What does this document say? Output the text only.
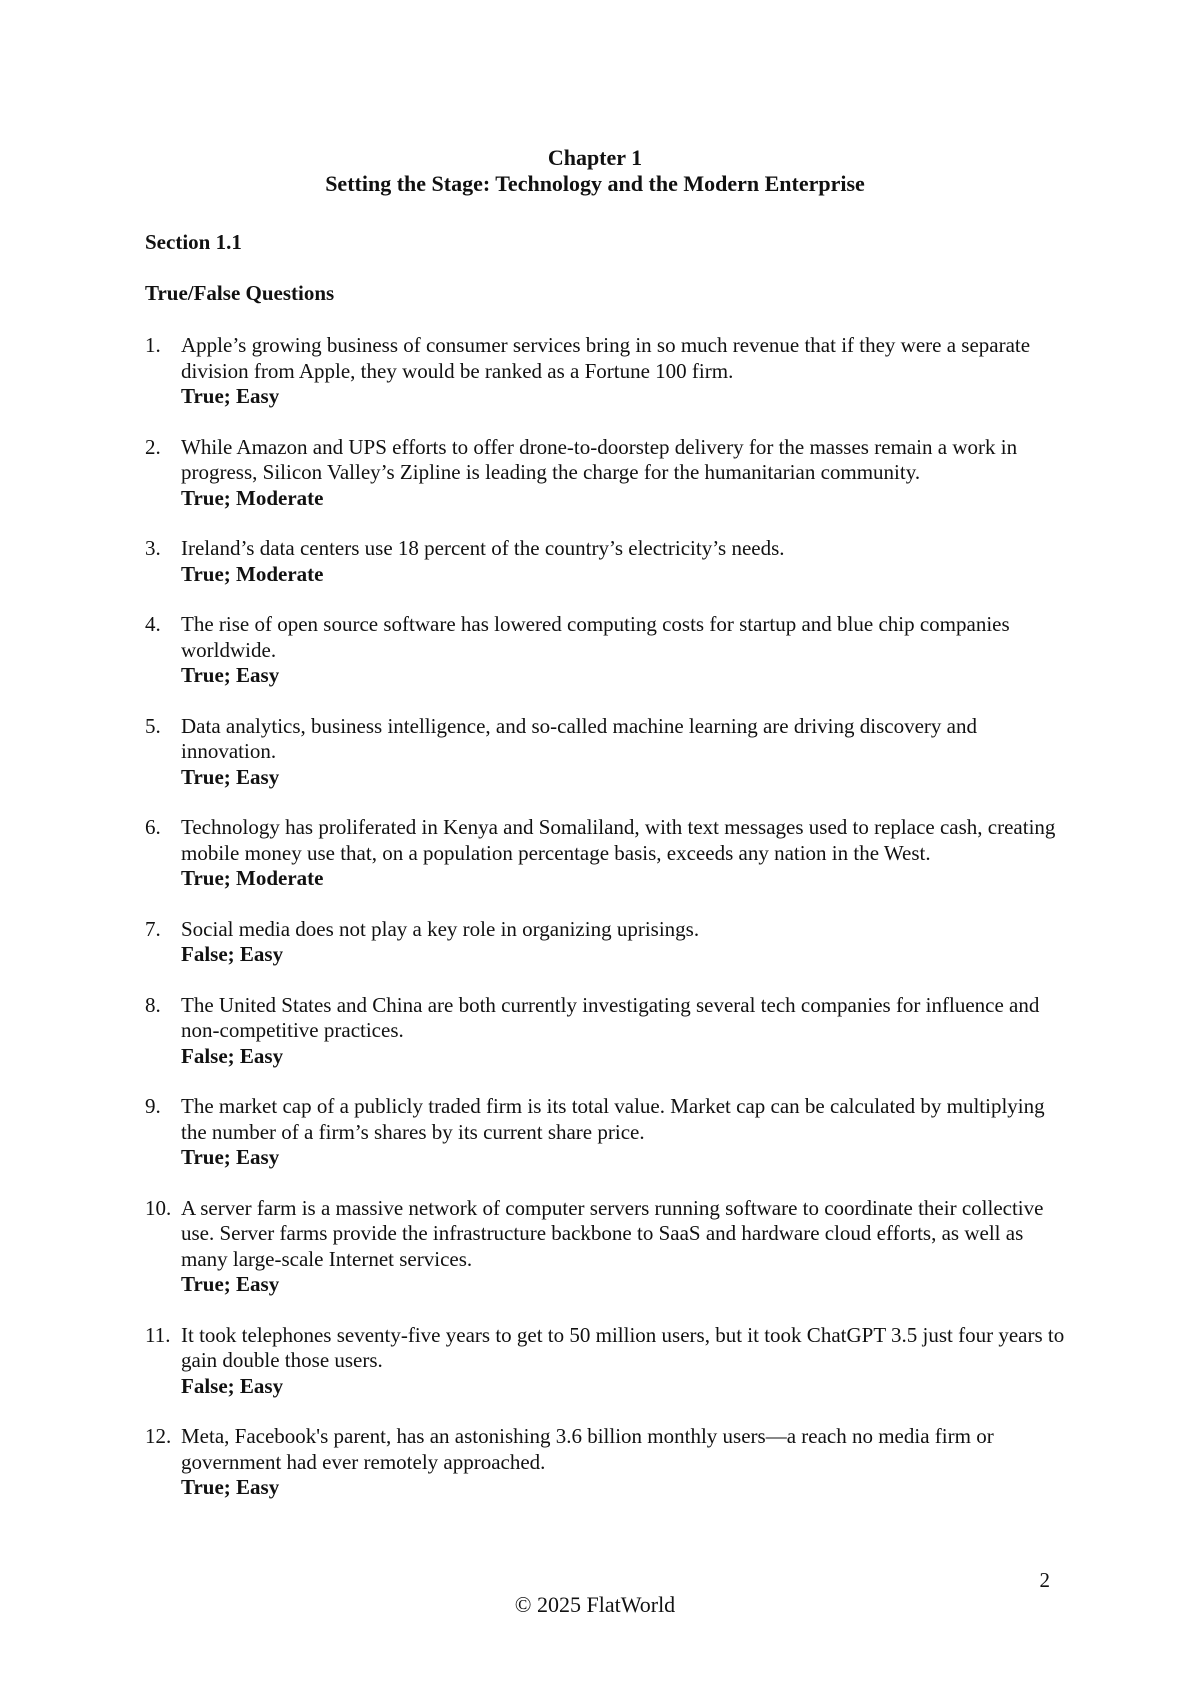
Chapter 1
Setting the Stage: Technology and the Modern Enterprise
Section 1.1
True/False Questions
1. Apple’s growing business of consumer services bring in so much revenue that if they were a separate division from Apple, they would be ranked as a Fortune 100 firm.
True; Easy
2. While Amazon and UPS efforts to offer drone-to-doorstep delivery for the masses remain a work in progress, Silicon Valley’s Zipline is leading the charge for the humanitarian community.
True; Moderate
3. Ireland’s data centers use 18 percent of the country’s electricity’s needs.
True; Moderate
4. The rise of open source software has lowered computing costs for startup and blue chip companies worldwide.
True; Easy
5. Data analytics, business intelligence, and so-called machine learning are driving discovery and innovation.
True; Easy
6. Technology has proliferated in Kenya and Somaliland, with text messages used to replace cash, creating mobile money use that, on a population percentage basis, exceeds any nation in the West.
True; Moderate
7. Social media does not play a key role in organizing uprisings.
False; Easy
8. The United States and China are both currently investigating several tech companies for influence and non-competitive practices.
False; Easy
9. The market cap of a publicly traded firm is its total value. Market cap can be calculated by multiplying the number of a firm’s shares by its current share price.
True; Easy
10. A server farm is a massive network of computer servers running software to coordinate their collective use. Server farms provide the infrastructure backbone to SaaS and hardware cloud efforts, as well as many large-scale Internet services.
True; Easy
11. It took telephones seventy-five years to get to 50 million users, but it took ChatGPT 3.5 just four years to gain double those users.
False; Easy
12. Meta, Facebook's parent, has an astonishing 3.6 billion monthly users—a reach no media firm or government had ever remotely approached.
True; Easy
2
© 2025 FlatWorld
